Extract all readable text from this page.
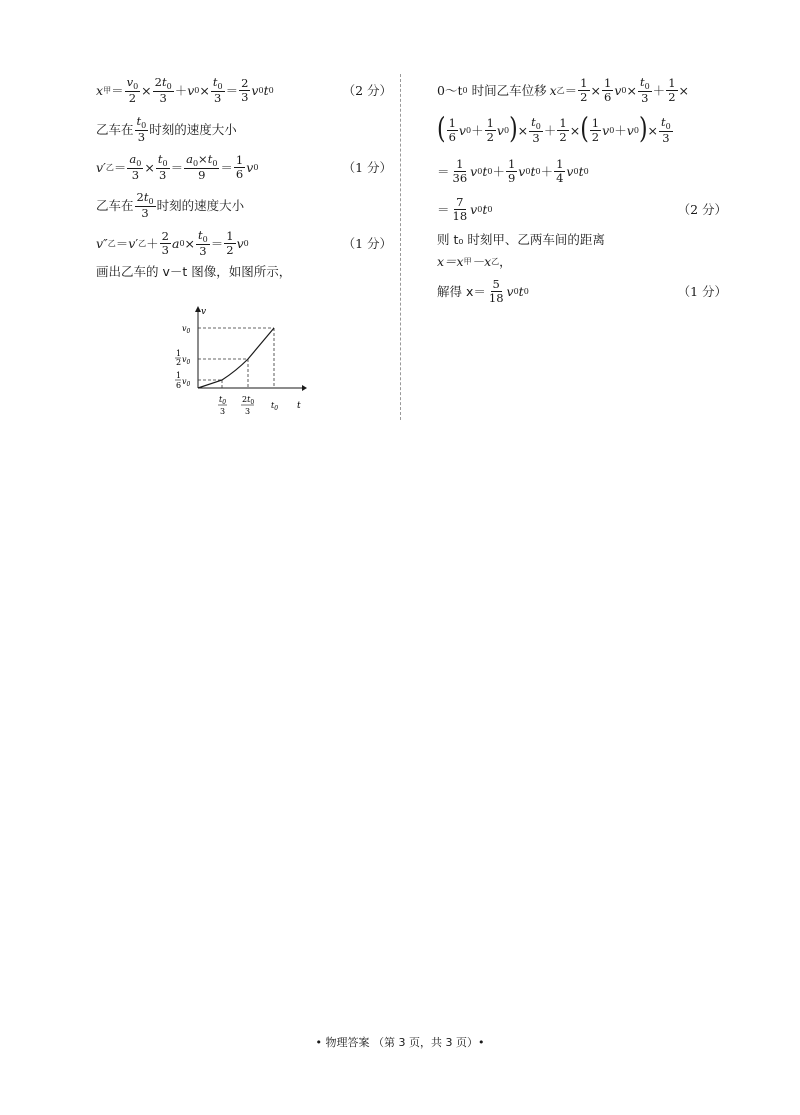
x 甲 ＝ $\frac{v_0}{2} \times \frac{2t_0}{3} + v$ $0 \times \frac{t_0}{3} = \frac{2}{3}$ v 0 t 0	（2 分）
乙车在 $\frac{t_0}{3}$ 时刻的速度大小
v′ 乙 ＝ $\frac{a_0}{3} \times \frac{t_0}{3} = \frac{a_0\times t_0}{9} = \frac{1}{6}$ v 0	（1 分）
乙车在 $\frac{2t_0}{3}$ 时刻的速度大小
v″ 乙 ＝ v ′ 乙 ＋ $\frac{2}{3}$ a $0 \times \frac{t_0}{3} = \frac{1}{2}$ v 0	（1 分）
画出乙车的 v－t 图像，如图所示，
v
t
$v_0$
1
2 $v_0$
1
6 $v_0$
$t_0$
3
$2t_0$
3
$t_0$
0～t 0 时间乙车位移 x 乙 ＝ $\frac{1}{2} \times \frac{1}{6}$ v $0 \times \frac{t_0}{3} + \frac{1}{2}$ ×
( $\frac{1}{6}$ v $0 + \frac{1}{2}$ v 0 ) × $\frac{t_0}{3} + \frac{1}{2}$ × ( $\frac{1}{2}$ v 0 ＋ v 0 ) × $\frac{t_0}{3}$
＝ $\frac{1}{36}$ v 0 t $0 + \frac{1}{9}$ v 0 t $0 + \frac{1}{4}$ v 0 t 0
＝ $\frac{7}{18}$ v 0 t 0	（2 分）
则 t₀ 时刻甲、乙两车间的距离
x＝x 甲 －x 乙 ，
解得 $x= \frac{5}{18}$ v 0 t 0	（1 分）
• 物理答案 （第 3 页，共 3 页）•
